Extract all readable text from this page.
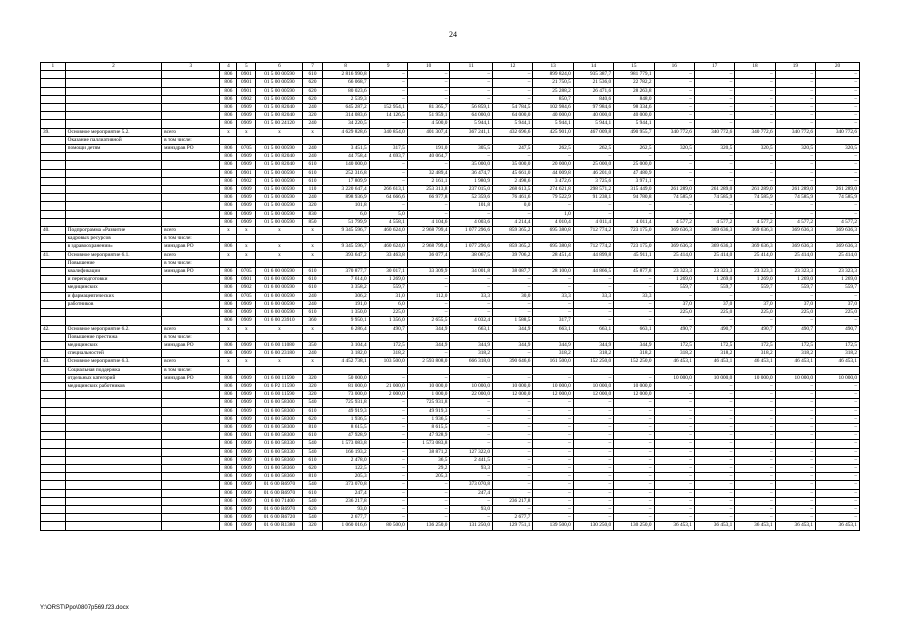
24
1	2	3	4	5	6	7	8	9	10	11	12	13	14	15	16	17	18	19	20
			806	0901	01 5 00 00590	610	2 816 990,8	–	–	–	–	899 824,0	935 387,7	981 779,1	–	–	–	–	–
			806	0901	01 5 00 00590	620	66 068,7	–	–	–	–	21 750,5	21 536,0	22 782,2	–	–	–	–	–
			806	0901	01 5 00 00590	620	80 023,6	–	–	–	–	25 288,2	26 471,6	28 263,8	–	–	–	–	–
			806	0902	01 5 00 00590	620	2 539,3	–	–	–	–	850,7	840,6	848,0	–	–	–	–	–
			806	0909	01 5 00 82040	240	645 287,2	152 954,1	81 365,7	56 859,1	54 784,5	102 984,6	97 984,6	98 334,6	–	–	–	–	–
			806	0909	01 5 00 82040	320	314 083,6	14 126,5	51 959,1	64 000,0	64 000,0	40 000,0	40 000,0	40 000,0	–	–	–	–	–
			806	0909	01 5 00 24120	240	34 220,5	–	4 500,0	5 944,1	5 944,1	5 944,1	5 944,1	5 944,1	–	–	–	–	–
39.	Основное мероприятие 5.2.	всего	x	x	x	x	4 629 828,6	340 854,0	401 307,4	367 241,1	432 696,6	425 901,0	467 009,8	490 955,7	340 772,6	340 772,6	340 772,6	340 772,6	340 772,6
	Оказание паллиативной	в том числе:																	
	помощи детям	минздрав РО	806	0705	01 5 00 00590	240	3 451,5	317,5	191,0	305,5	247,5	262,5	262,5	262,5	320,5	320,5	320,5	320,5	320,5
			806	0909	01 5 00 82040	240	44 758,4	4 693,7	40 064,7	–	–	–	–	–	–	–	–	–	–
			806	0909	01 5 00 82040	610	140 000,0	–	–	35 000,0	35 000,0	20 000,0	25 000,0	25 000,0	–	–	–	–	–
			806	0901	01 5 00 00590	610	252 316,8	–	32 489,4	36 474,7	45 661,0	44 009,8	46 201,0	47 480,9	–	–	–	–	–
			806	0902	01 5 00 00590	610	17 809,9	–	2 161,1	1 980,9	2 498,6	3 472,6	3 725,6	3 971,1	–	–	–	–	–
			806	0909	01 5 00 00590	110	3 220 647,4	266 613,1	253 313,8	237 015,0	268 613,5	274 621,8	298 571,2	315 449,0	261 289,0	261 289,0	261 289,0	261 289,0	261 289,0
			806	0909	01 5 00 00590	240	898 936,9	64 666,6	66 977,8	52 359,6	76 461,6	79 522,9	91 238,1	94 780,8	74 585,9	74 585,9	74 585,9	74 585,9	74 585,9
			806	0909	01 5 00 00590	320	101,8	–	–	101,8	0,0	–	–	–	–	–	–	–	–
			806	0909	01 5 00 00590	830	6,0	5,0	–	–	–	1,0	–	–	–	–	–	–	–
			806	0909	01 5 00 00590	850	51 799,9	4 558,1	4 104,6	4 003,6	4 214,4	4 010,4	4 011,4	4 011,4	4 577,2	4 577,2	4 577,2	4 577,2	4 577,2
40.	Подпрограмма «Развитие	всего	x	x	x	x	9 345 596,7	460 624,0	2 968 799,4	1 077 296,6	859 365,2	695 380,8	712 774,2	723 175,0	369 636,3	369 636,3	369 636,3	369 636,3	369 636,3
	кадровых ресурсов	в том числе:																	
	в здравоохранении»	минздрав РО	806	x	x	x	9 345 596,7	460 624,0	2 968 799,4	1 077 296,6	859 365,2	695 380,8	712 774,2	723 175,0	369 636,3	369 636,3	369 636,3	369 636,3	369 636,3
41.	Основное мероприятие 6.1.	всего	x	x	x	x	393 647,2	33 463,8	36 077,4	38 067,5	39 706,2	28 451,4	44 899,8	45 911,1	25 414,0	25 414,0	25 414,0	25 414,0	25 414,0
	Повышение	в том числе:																	
	квалификации	минздрав РО	806	0705	01 6 00 00590	610	370 877,7	30 017,1	33 309,9	34 001,8	38 087,7	28 100,0	44 866,5	45 877,8	23 323,3	23 323,3	23 323,3	23 323,3	23 323,3
	и переподготовки		806	0901	01 6 00 00590	610	7 614,0	1 269,0	–	–	–	–	–	–	1 269,0	1 269,0	1 269,0	1 269,0	1 269,0
	медицинских		806	0902	01 6 00 00590	610	3 358,2	559,7	–	–	–	–	–	–	559,7	559,7	559,7	559,7	559,7
	и фармацевтических		806	0705	01 6 00 00590	240	306,2	31,0	112,0	33,3	30,0	33,3	33,3	33,3	–	–	–	–	–
	работников		806	0909	01 6 00 00590	240	191,0	6,0	–	–	–	–	–	–	37,0	37,0	37,0	37,0	37,0
			806	0909	01 6 00 00590	610	1 350,0	225,0	–	–	–	–	–	–	225,0	225,0	225,0	225,0	225,0
			806	0909	01 6 00 23910	360	9 950,1	1 356,0	2 655,5	4 032,4	1 588,5	317,7	–	–	–	–	–	–	–
42.	Основное мероприятие 6.2.	всего	x	x	x	x	6 286,4	490,7	344,9	663,1	344,9	663,1	663,1	663,1	490,7	490,7	490,7	490,7	490,7
	Повышение престижа	в том числе:																	
	медицинских	минздрав РО	806	0909	01 6 00 11080	350	3 104,4	172,5	344,9	344,9	344,9	344,9	344,9	344,9	172,5	172,5	172,5	172,5	172,5
	специальностей		806	0909	01 6 00 23180	240	3 182,0	318,2	–	318,2	–	318,2	318,2	318,2	318,2	318,2	318,2	318,2	318,2
43.	Основное мероприятие 6.3.	всего	x	x	x	x	4 452 738,1	103 500,0	2 593 808,0	666 318,0	390 646,6	161 500,0	152 250,0	152 250,0	46 453,1	46 453,1	46 453,1	46 453,1	46 453,1
	Социальная поддержка	в том числе:																	
	отдельных категорий	минздрав РО	806	0909	01 6 00 11590	320	50 000,0	–	–	–	–	–	–	–	10 000,0	10 000,0	10 000,0	10 000,0	10 000,0
	медицинских работников		806	0909	01 6 Р2 11590	320	81 000,0	21 000,0	10 000,0	10 000,0	10 000,0	10 000,0	10 000,0	10 000,0	–	–	–	–	–
			806	0909	01 6 00 11590	320	73 000,0	2 000,0	1 000,0	22 000,0	12 000,0	12 000,0	12 000,0	12 000,0	–	–	–	–	–
			806	0909	01 6 00 58300	540	725 931,8	–	725 931,8	–	–	–	–	–	–	–	–	–	–
			806	0909	01 6 00 58300	610	49 919,3	–	49 919,3	–	–	–	–	–	–	–	–	–	–
			806	0909	01 6 00 58300	620	1 936,5	–	1 936,5	–	–	–	–	–	–	–	–	–	–
			806	0909	01 6 00 58300	810	8 615,5	–	8 615,5	–	–	–	–	–	–	–	–	–	–
			806	0901	01 6 00 58300	610	47 928,9	–	47 928,9	–	–	–	–	–	–	–	–	–	–
			806	0909	01 6 00 58330	540	1 573 083,8	–	1 573 083,8	–	–	–	–	–	–	–	–	–	–
			806	0909	01 6 00 58330	540	166 193,2	–	38 871,2	127 322,0	–	–	–	–	–	–	–	–	–
			806	0909	01 6 00 58360	610	2 478,0	–	36,5	2 441,5	–	–	–	–	–	–	–	–	–
			806	0909	01 6 00 58360	620	122,5	–	29,2	93,3	–	–	–	–	–	–	–	–	–
			806	0909	01 6 00 58360	810	205,3	–	205,3	–	–	–	–	–	–	–	–	–	–
			806	0909	01 6 00 R6970	540	373 070,8	–	–	373 070,8	–	–	–	–	–	–	–	–	–
			806	0909	01 6 00 R6970	610	247,4	–	–	247,4	–	–	–	–	–	–	–	–	–
			806	0909	01 6 00 71400	540	236 217,8	–	–	–	236 217,8	–	–	–	–	–	–	–	–
			806	0909	01 6 00 R6970	620	93,0	–	–	93,0	–	–	–	–	–	–	–	–	–
			806	0909	01 6 00 R6720	540	2 677,7	–	–	–	2 677,7	–	–	–	–	–	–	–	–
			806	0909	01 6 00 R1380	320	1 060 016,6	80 500,0	136 250,0	131 250,0	129 751,1	139 500,0	130 250,0	130 250,0	36 453,1	36 453,1	36 453,1	36 453,1	36 453,1
Y:\ORST\Ppo\0807p569.f23.docx
